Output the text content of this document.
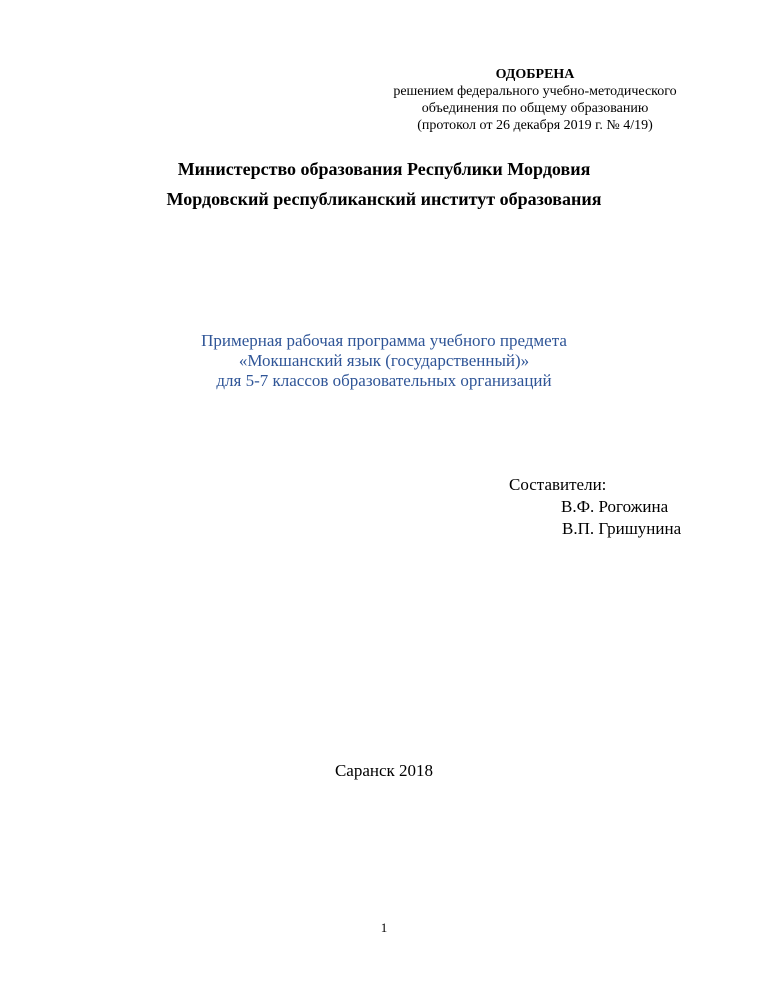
ОДОБРЕНА
решением федерального учебно-методического
объединения по общему образованию
(протокол от 26 декабря 2019 г. № 4/19)
Министерство образования Республики Мордовия
Мордовский республиканский институт образования
Примерная рабочая программа учебного предмета
«Мокшанский язык (государственный)»
для 5-7 классов образовательных организаций
Составители:
В.Ф. Рогожина
В.П. Гришунина
Саранск 2018
1
